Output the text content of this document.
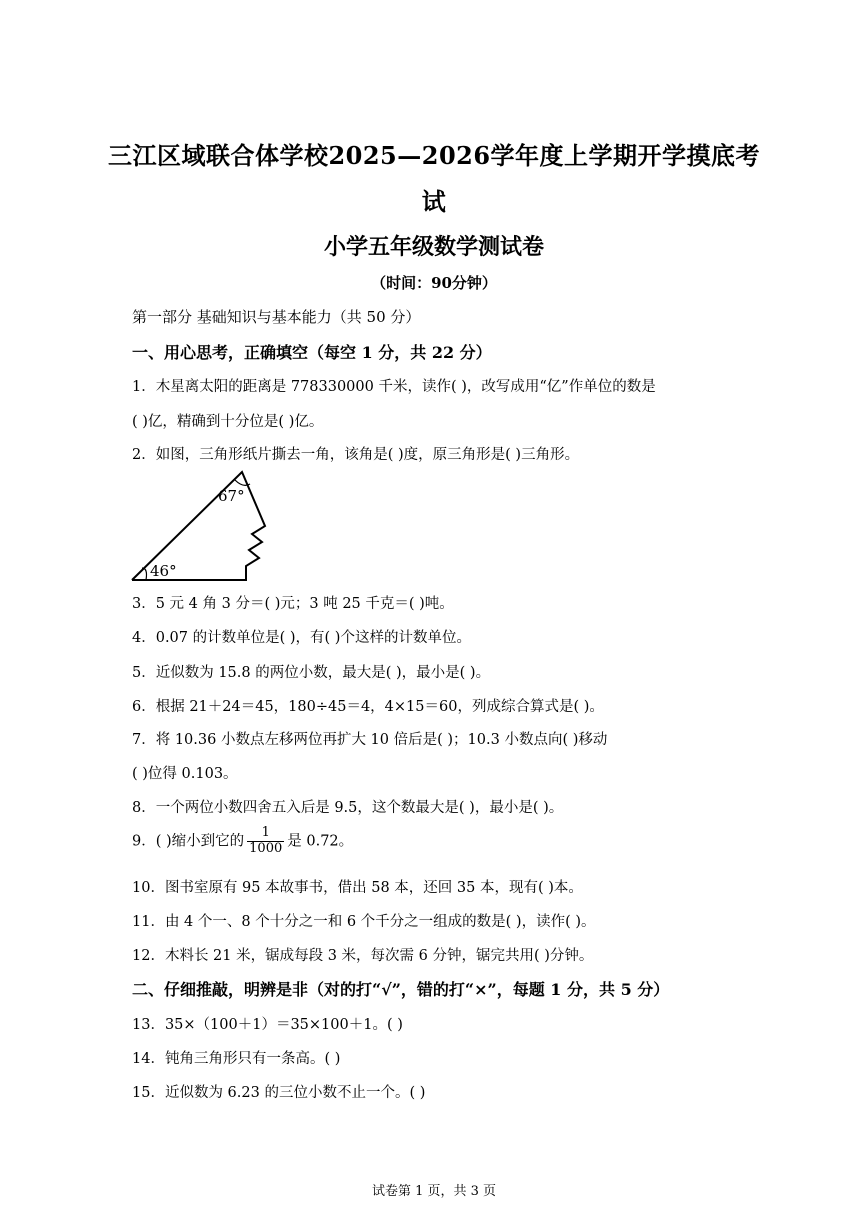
三江区域联合体学校2025—2026学年度上学期开学摸底考
试
小学五年级数学测试卷
（时间：90分钟）
第一部分 基础知识与基本能力（共 50 分）
一、用心思考，正确填空（每空 1 分，共 22 分）
1．木星离太阳的距离是 778330000 千米，读作( )，改写成用“亿”作单位的数是
( )亿，精确到十分位是( )亿。
2．如图，三角形纸片撕去一角，该角是( )度，原三角形是( )三角形。
67°
46°
3．5 元 4 角 3 分＝( )元；3 吨 25 千克＝( )吨。
4．0.07 的计数单位是( )，有( )个这样的计数单位。
5．近似数为 15.8 的两位小数，最大是( )，最小是( )。
6．根据 21＋24＝45，180÷45＝4，4×15＝60，列成综合算式是( )。
7．将 10.36 小数点左移两位再扩大 10 倍后是( )；10.3 小数点向( )移动
( )位得 0.103。
8．一个两位小数四舍五入后是 9.5，这个数最大是( )，最小是( )。
9．( )缩小到它的 $\frac{1}{1000}$ 是 0.72。
10．图书室原有 95 本故事书，借出 58 本，还回 35 本，现有( )本。
11．由 4 个一、8 个十分之一和 6 个千分之一组成的数是( )，读作( )。
12．木料长 21 米，锯成每段 3 米，每次需 6 分钟，锯完共用( )分钟。
二、仔细推敲，明辨是非（对的打“√”，错的打“×”，每题 1 分，共 5 分）
13．35×（100＋1）＝35×100＋1。( )
14．钝角三角形只有一条高。( )
15．近似数为 6.23 的三位小数不止一个。( )
试卷第 1 页，共 3 页
